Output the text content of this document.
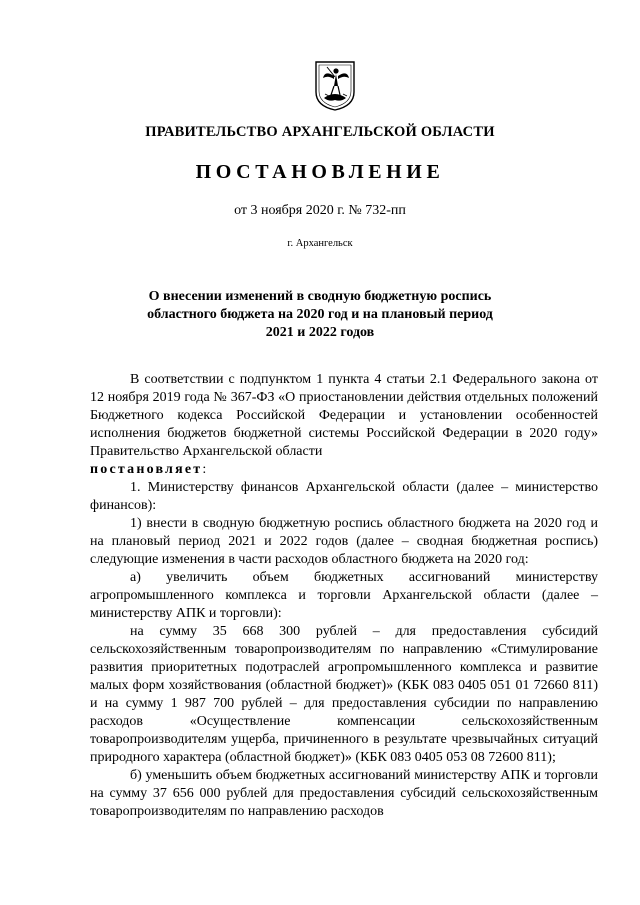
ПРАВИТЕЛЬСТВО АРХАНГЕЛЬСКОЙ ОБЛАСТИ
ПОСТАНОВЛЕНИЕ
от 3 ноября 2020 г. № 732-пп
г. Архангельск
О внесении изменений в сводную бюджетную роспись
областного бюджета на 2020 год и на плановый период
2021 и 2022 годов

В соответствии с подпунктом 1 пункта 4 статьи 2.1 Федерального закона от 12 ноября 2019 года № 367-ФЗ «О приостановлении действия отдельных положений Бюджетного кодекса Российской Федерации и установлении особенностей исполнения бюджетов бюджетной системы Российской Федерации в 2020 году» Правительство Архангельской области
постановляет:

1. Министерству финансов Архангельской области (далее – министерство финансов):

1) внести в сводную бюджетную роспись областного бюджета на 2020 год и на плановый период 2021 и 2022 годов (далее – сводная бюджетная роспись) следующие изменения в части расходов областного бюджета на 2020 год:

а) увеличить объем бюджетных ассигнований министерству агропромышленного комплекса и торговли Архангельской области (далее – министерству АПК и торговли):

на сумму 35 668 300 рублей – для предоставления субсидий сельскохозяйственным товаропроизводителям по направлению «Стимулирование развития приоритетных подотраслей агропромышленного комплекса и развитие малых форм хозяйствования (областной бюджет)» (КБК 083 0405 051 01 72660 811) и на сумму 1 987 700 рублей – для предоставления субсидии по направлению расходов «Осуществление компенсации сельскохозяйственным товаропроизводителям ущерба, причиненного в результате чрезвычайных ситуаций природного характера (областной бюджет)» (КБК 083 0405 053 08 72600 811);

б) уменьшить объем бюджетных ассигнований министерству АПК и торговли на сумму 37 656 000 рублей для предоставления субсидий сельскохозяйственным товаропроизводителям по направлению расходов
